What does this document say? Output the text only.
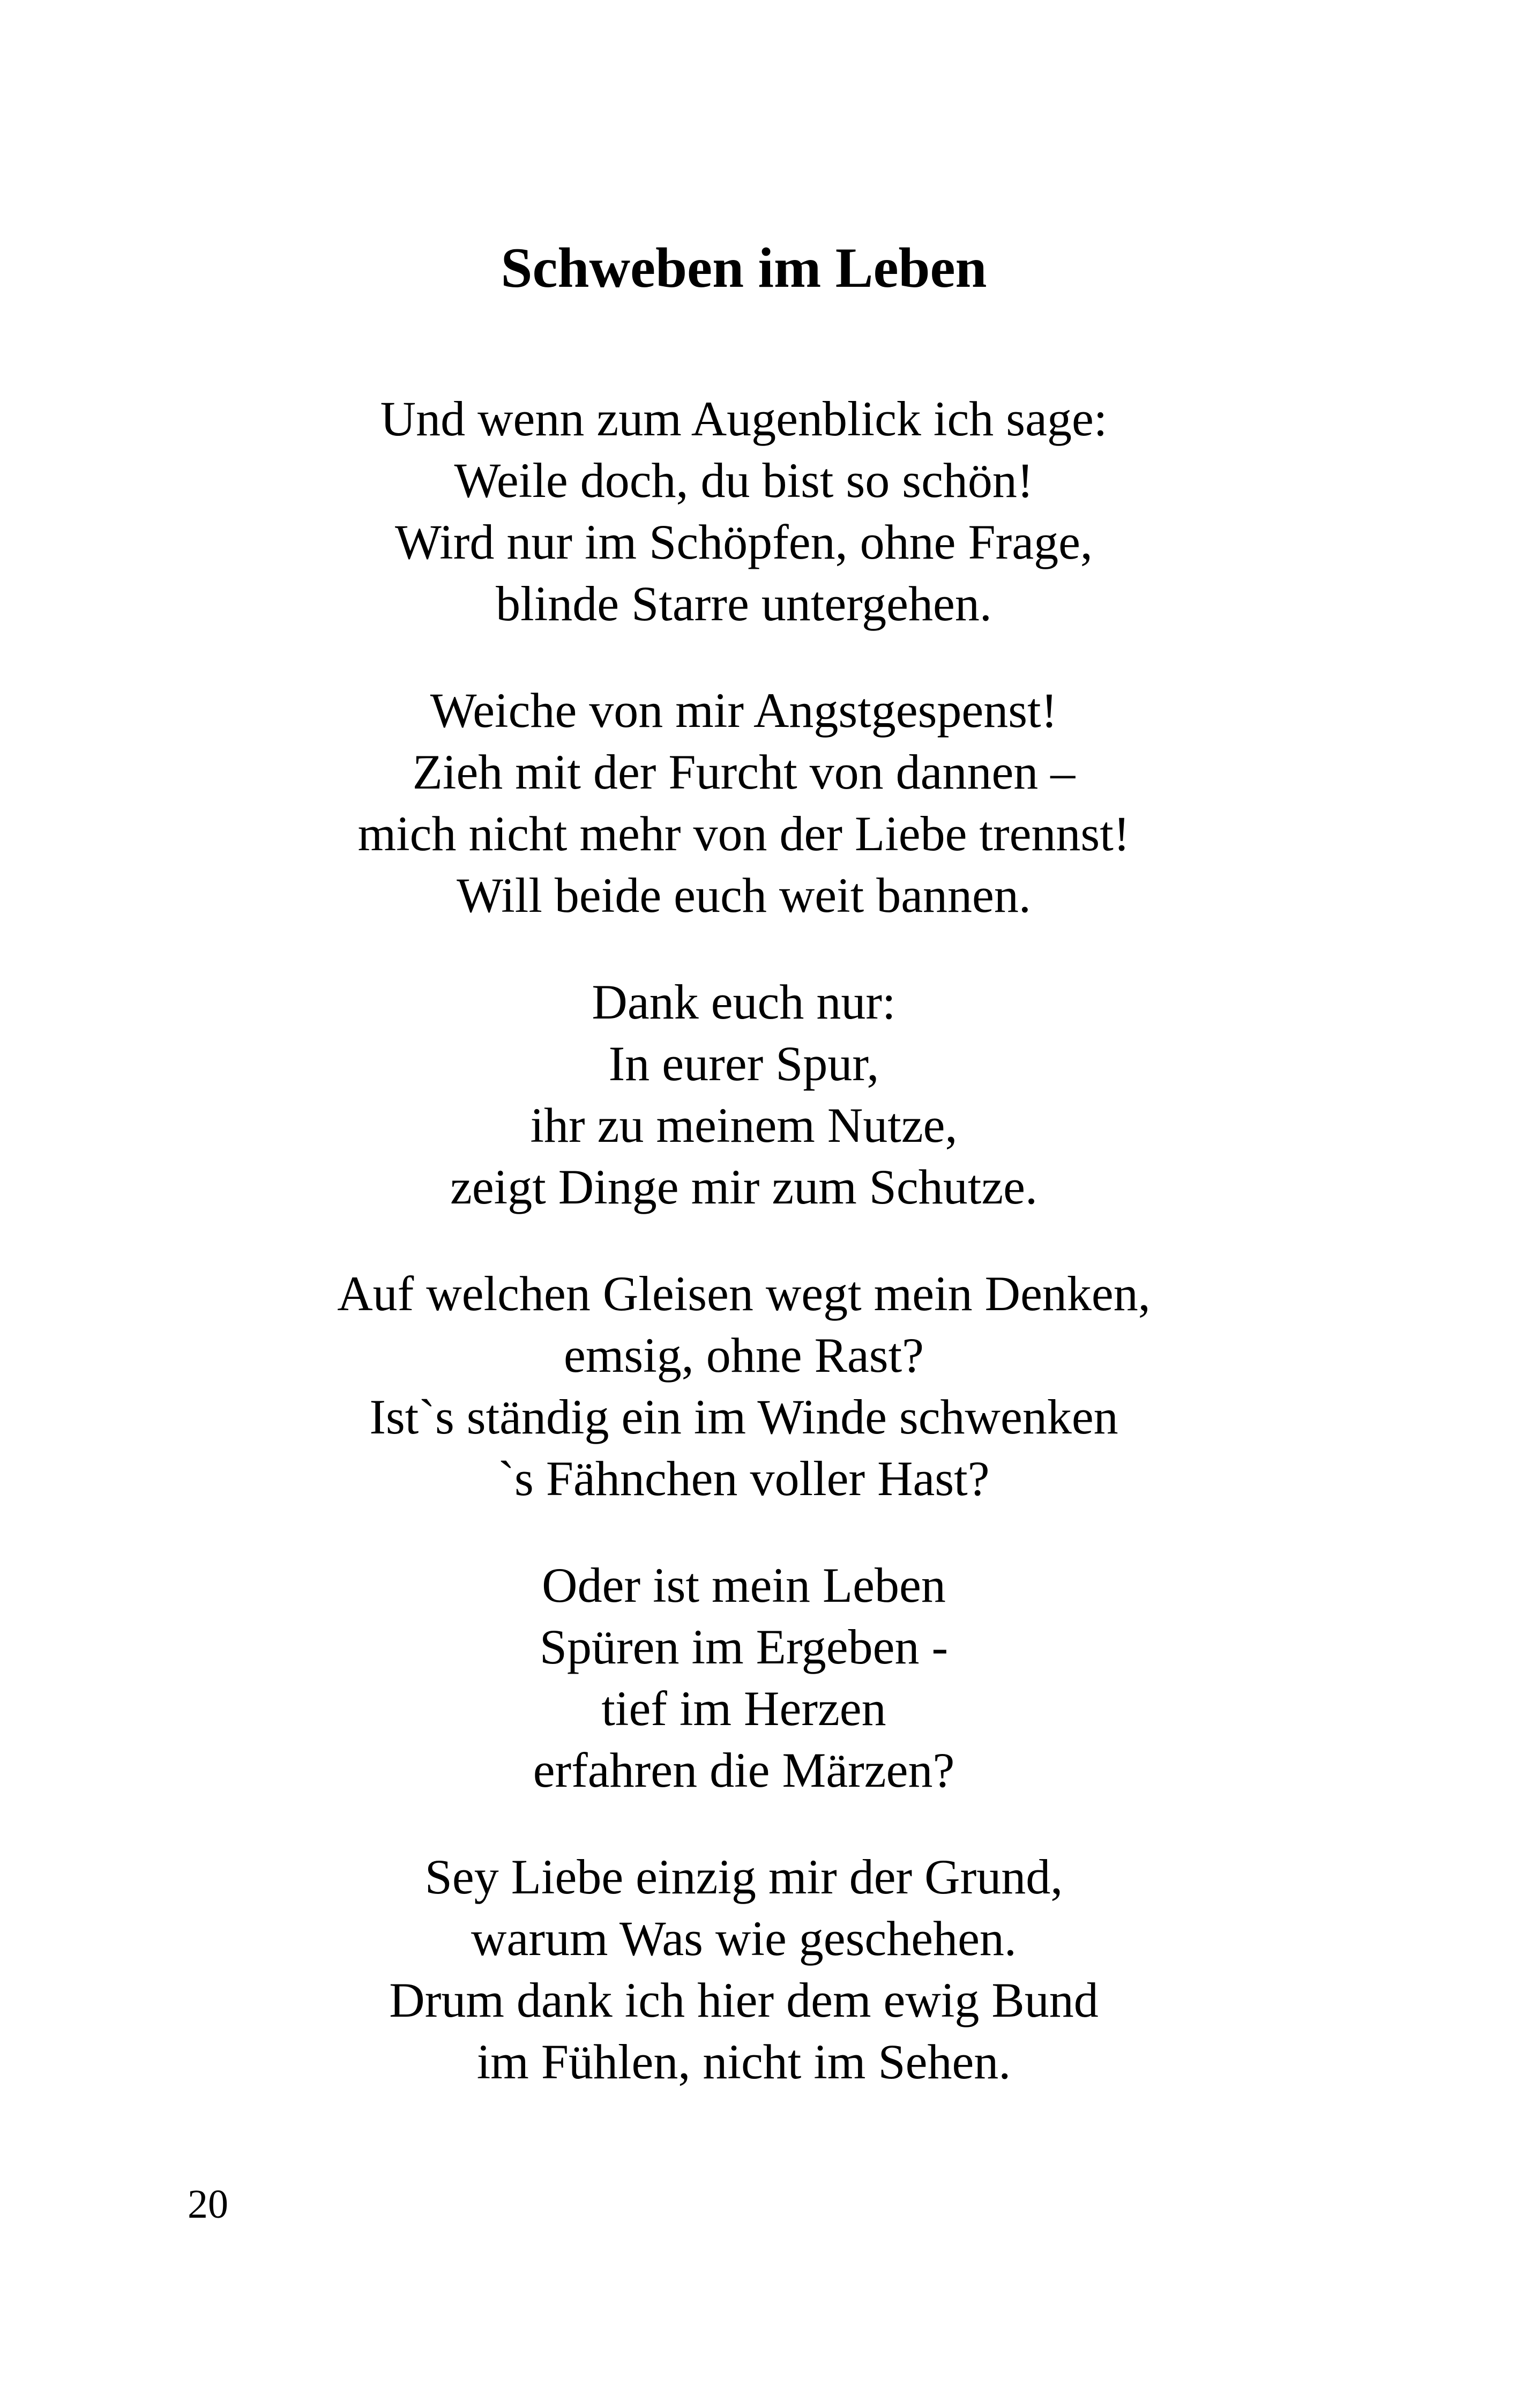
Schweben im Leben

Und wenn zum Augenblick ich sage:
Weile doch, du bist so schön!
Wird nur im Schöpfen, ohne Frage,
blinde Starre untergehen.

Weiche von mir Angstgespenst!
Zieh mit der Furcht von dannen –
mich nicht mehr von der Liebe trennst!
Will beide euch weit bannen.

Dank euch nur:
In eurer Spur,
ihr zu meinem Nutze,
zeigt Dinge mir zum Schutze.

Auf welchen Gleisen wegt mein Denken,
emsig, ohne Rast?
Ist`s ständig ein im Winde schwenken
`s Fähnchen voller Hast?

Oder ist mein Leben
Spüren im Ergeben -
tief im Herzen
erfahren die Märzen?

Sey Liebe einzig mir der Grund,
warum Was wie geschehen.
Drum dank ich hier dem ewig Bund
im Fühlen, nicht im Sehen.

20
